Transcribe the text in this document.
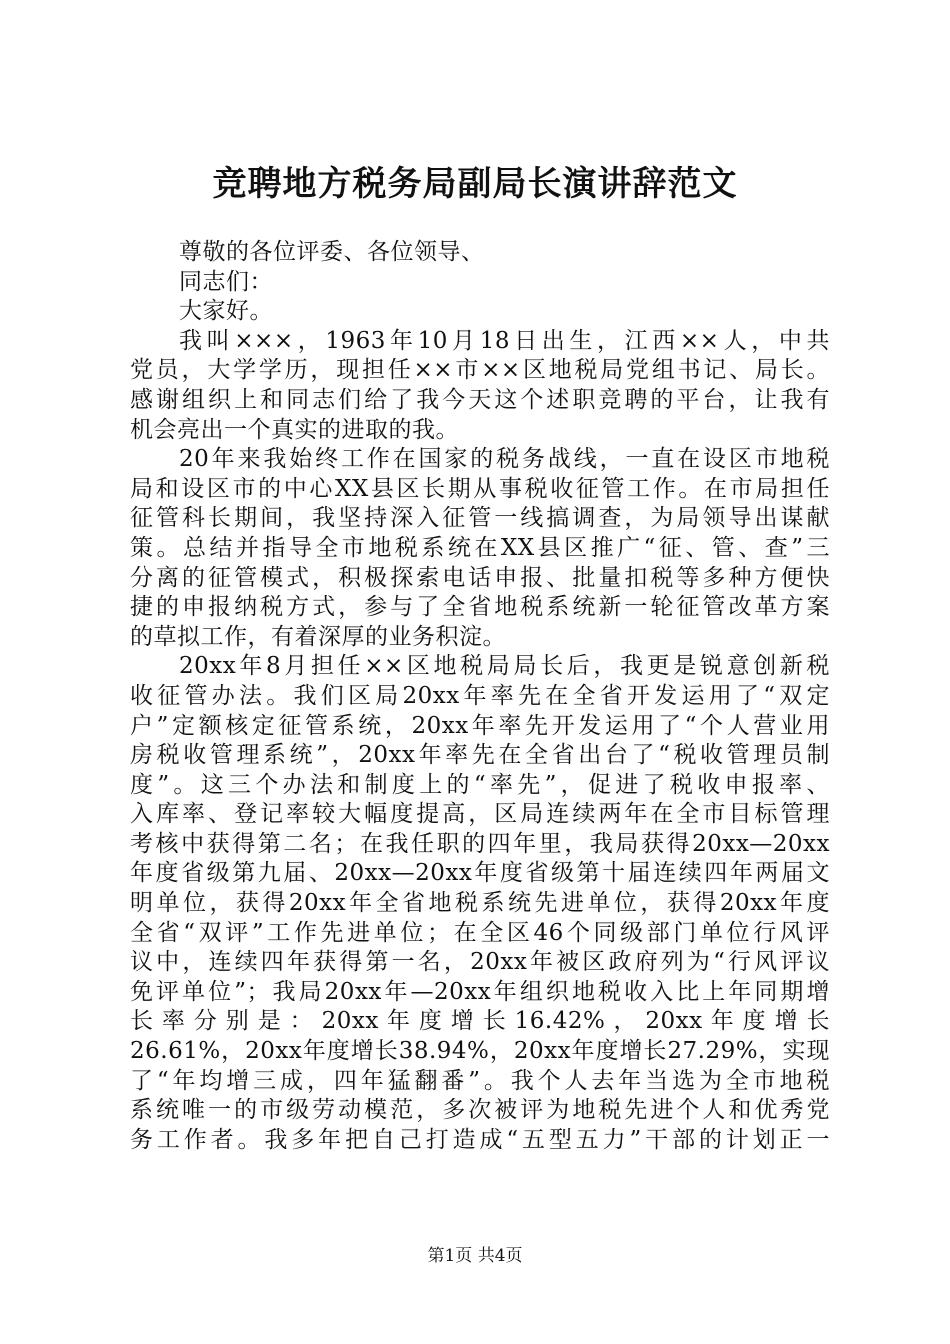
竞聘地方税务局副局长演讲辞范文
尊敬的各位评委、各位领导、
同志们：
大家好。
我叫×××，1963年10月18日出生，江西××人，中共
党员，大学学历，现担任××市××区地税局党组书记、局长。
感谢组织上和同志们给了我今天这个述职竞聘的平台，让我有
机会亮出一个真实的进取的我。
20年来我始终工作在国家的税务战线，一直在设区市地税
局和设区市的中心XX县区长期从事税收征管工作。在市局担任
征管科长期间，我坚持深入征管一线搞调查，为局领导出谋献
策。总结并指导全市地税系统在XX县区推广“征、管、查”三
分离的征管模式，积极探索电话申报、批量扣税等多种方便快
捷的申报纳税方式，参与了全省地税系统新一轮征管改革方案
的草拟工作，有着深厚的业务积淀。
20xx年8月担任××区地税局局长后，我更是锐意创新税
收征管办法。我们区局20xx年率先在全省开发运用了“双定
户”定额核定征管系统，20xx年率先开发运用了“个人营业用
房税收管理系统”，20xx年率先在全省出台了“税收管理员制
度”。这三个办法和制度上的“率先”，促进了税收申报率、
入库率、登记率较大幅度提高，区局连续两年在全市目标管理
考核中获得第二名；在我任职的四年里，我局获得20xx—20xx
年度省级第九届、20xx—20xx年度省级第十届连续四年两届文
明单位，获得20xx年全省地税系统先进单位，获得20xx年度
全省“双评”工作先进单位；在全区46个同级部门单位行风评
议中，连续四年获得第一名，20xx年被区政府列为“行风评议
免评单位”；我局20xx年—20xx年组织地税收入比上年同期增
长 率 分 别 是 ： 20xx 年 度 增 长 16.42% ， 20xx 年 度 增 长
26.61%，20xx年度增长38.94%，20xx年度增长27.29%，实现
了“年均增三成，四年猛翻番”。我个人去年当选为全市地税
系统唯一的市级劳动模范，多次被评为地税先进个人和优秀党
务工作者。我多年把自己打造成“五型五力”干部的计划正一
第1页 共4页
